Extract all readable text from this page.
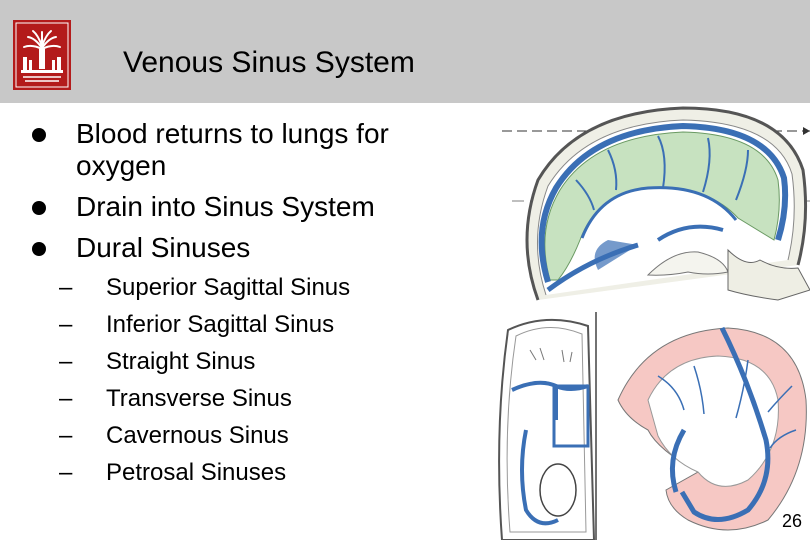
Venous Sinus System
Blood returns to lungs for oxygen
Drain into Sinus System
Dural Sinuses
– Superior Sagittal Sinus
– Inferior Sagittal Sinus
– Straight Sinus
– Transverse Sinus
– Cavernous Sinus
– Petrosal Sinuses
26
